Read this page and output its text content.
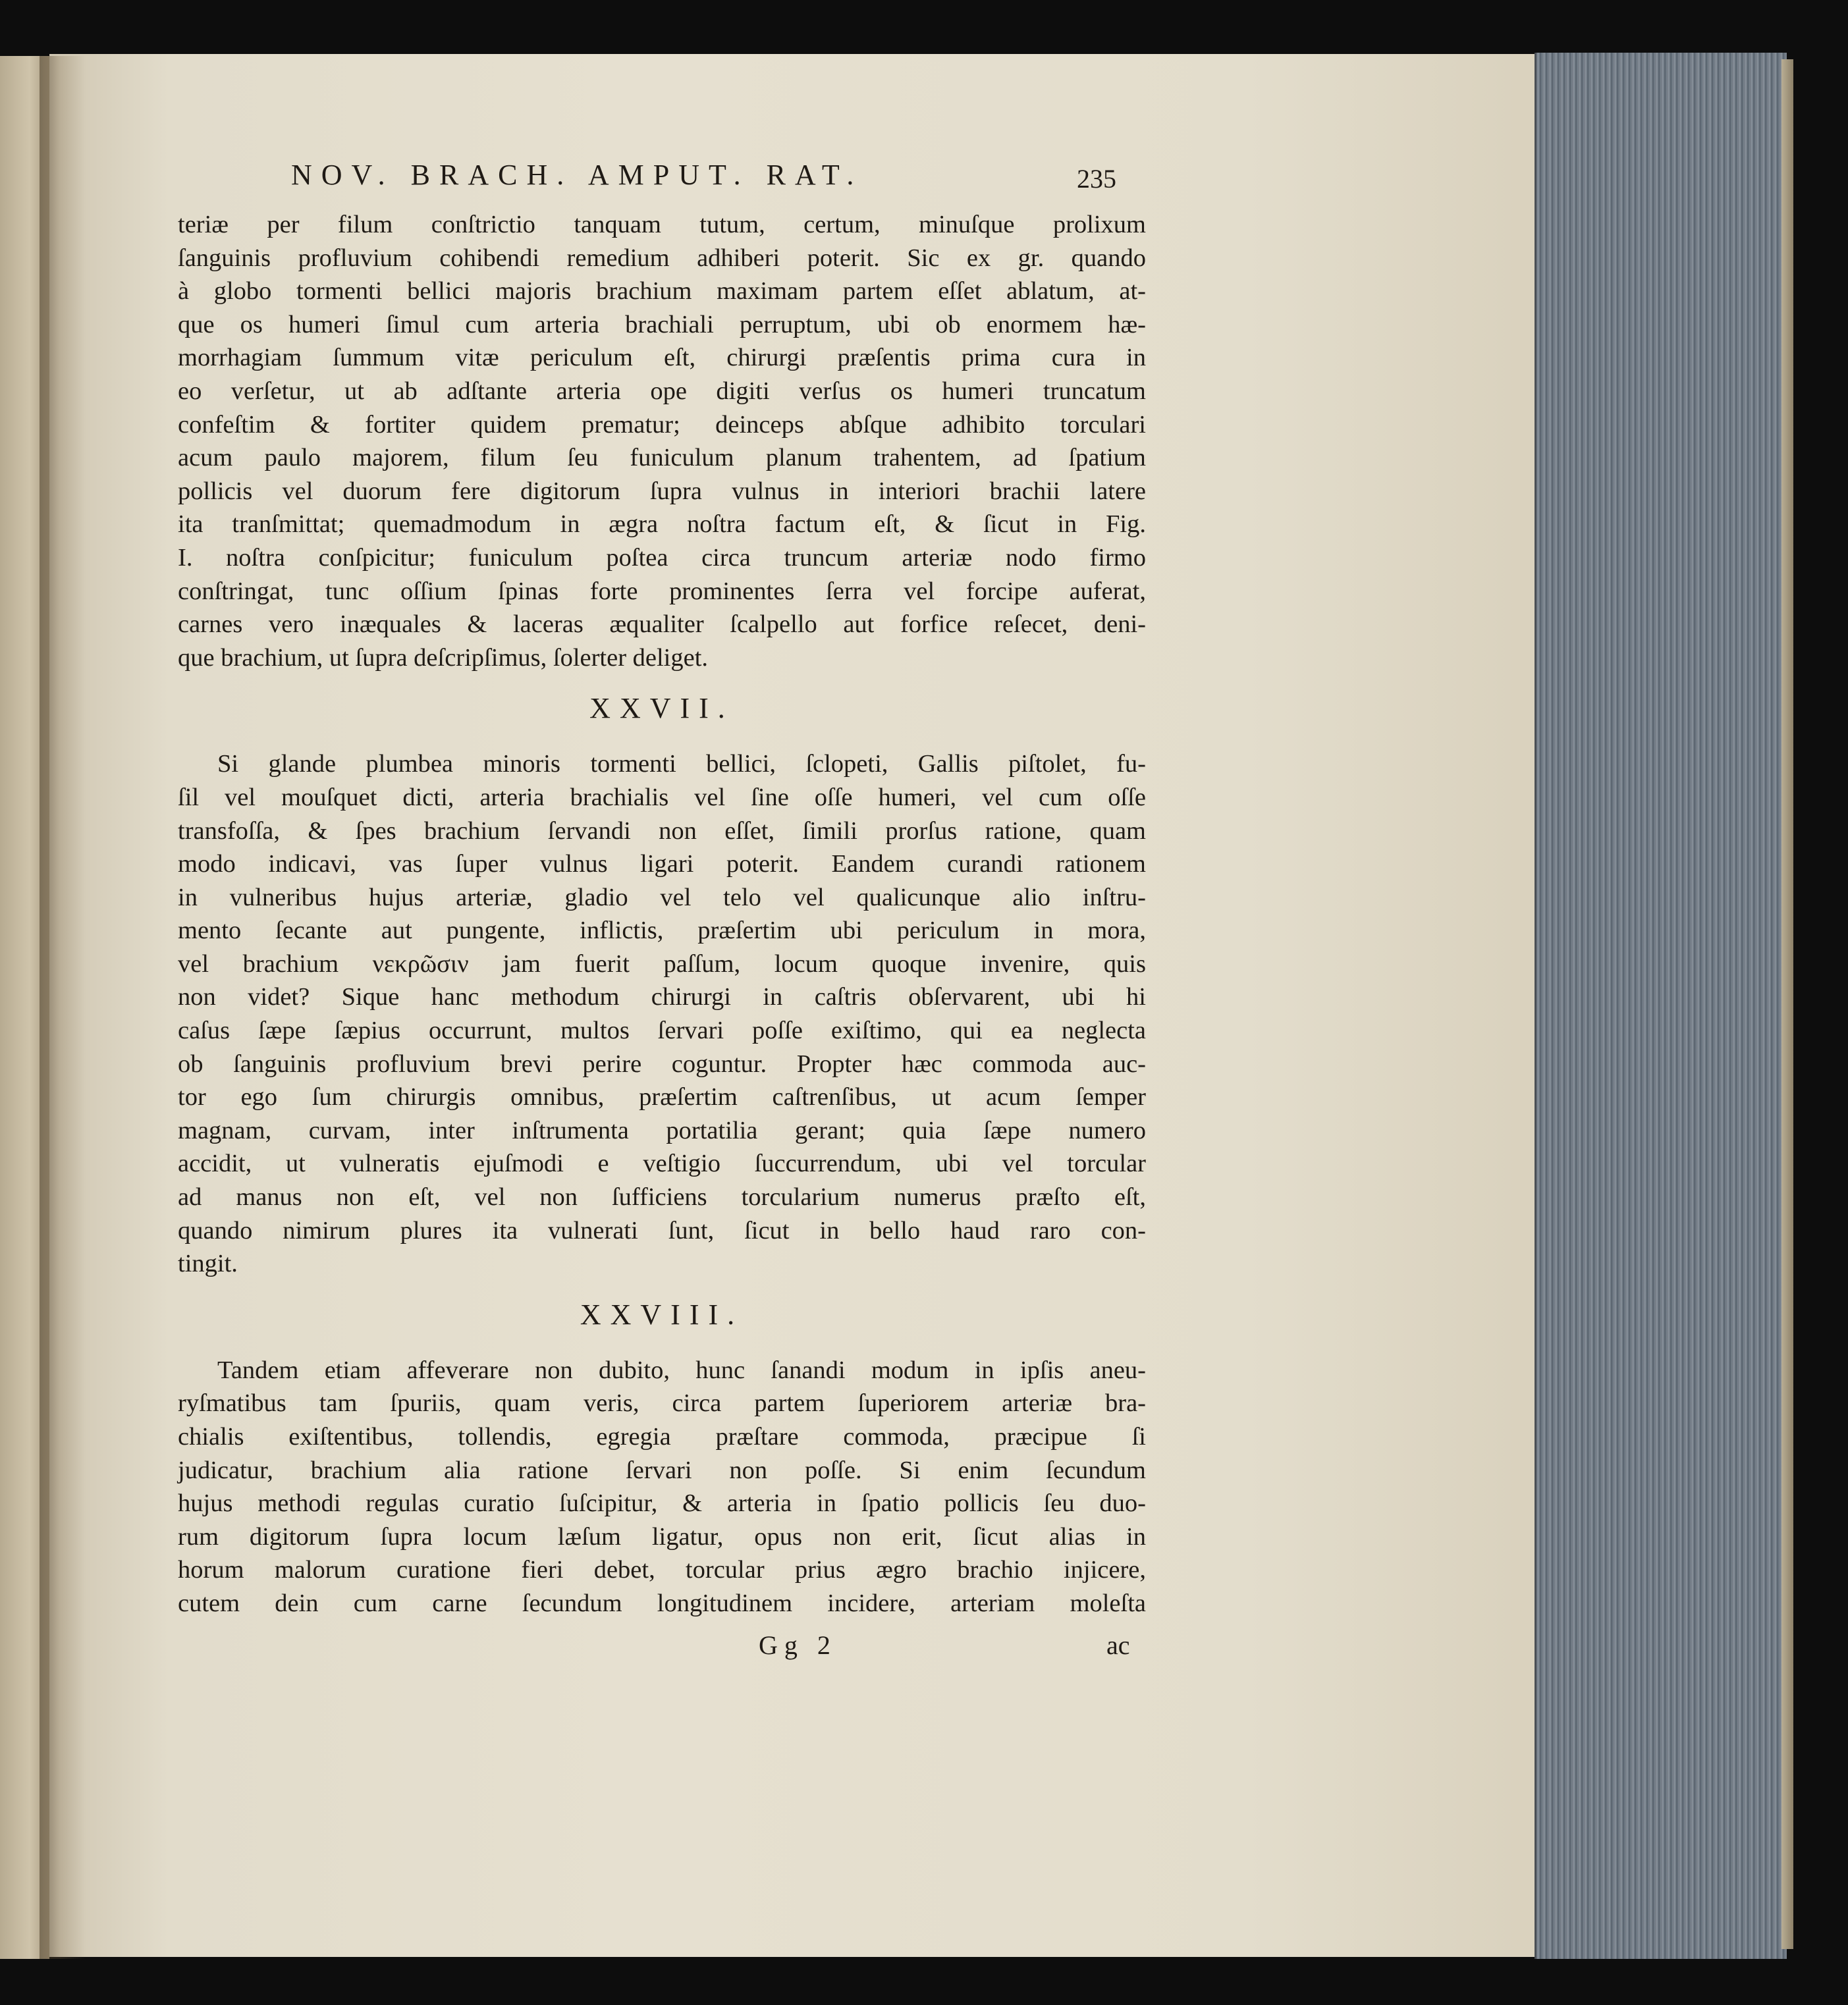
NOV. BRACH. AMPUT. RAT.	235

teriæ per filum conſtrictio tanquam tutum, certum, minuſque prolixum
ſanguinis profluvium cohibendi remedium adhiberi poterit. Sic ex gr. quando
à globo tormenti bellici majoris brachium maximam partem eſſet ablatum, at-
que os humeri ſimul cum arteria brachiali perruptum, ubi ob enormem hæ-
morrhagiam ſummum vitæ periculum eſt, chirurgi præſentis prima cura in
eo verſetur, ut ab adſtante arteria ope digiti verſus os humeri truncatum
confeſtim & fortiter quidem prematur; deinceps abſque adhibito torculari
acum paulo majorem, filum ſeu funiculum planum trahentem, ad ſpatium
pollicis vel duorum fere digitorum ſupra vulnus in interiori brachii latere
ita tranſmittat; quemadmodum in ægra noſtra factum eſt, & ſicut in Fig.
I. noſtra conſpicitur; funiculum poſtea circa truncum arteriæ nodo firmo
conſtringat, tunc oſſium ſpinas forte prominentes ſerra vel forcipe auferat,
carnes vero inæquales & laceras æqualiter ſcalpello aut forfice reſecet, deni-
que brachium, ut ſupra deſcripſimus, ſolerter deliget.

XXVII.

Si glande plumbea minoris tormenti bellici, ſclopeti, Gallis piſtolet, fu-
ſil vel mouſquet dicti, arteria brachialis vel ſine oſſe humeri, vel cum oſſe
transfoſſa, & ſpes brachium ſervandi non eſſet, ſimili prorſus ratione, quam
modo indicavi, vas ſuper vulnus ligari poterit. Eandem curandi rationem
in vulneribus hujus arteriæ, gladio vel telo vel qualicunque alio inſtru-
mento ſecante aut pungente, inflictis, præſertim ubi periculum in mora,
vel brachium νεκρῶσιν jam fuerit paſſum, locum quoque invenire, quis
non videt? Sique hanc methodum chirurgi in caſtris obſervarent, ubi hi
caſus ſæpe ſæpius occurrunt, multos ſervari poſſe exiſtimo, qui ea neglecta
ob ſanguinis profluvium brevi perire coguntur. Propter hæc commoda auc-
tor ego ſum chirurgis omnibus, præſertim caſtrenſibus, ut acum ſemper
magnam, curvam, inter inſtrumenta portatilia gerant; quia ſæpe numero
accidit, ut vulneratis ejuſmodi e veſtigio ſuccurrendum, ubi vel torcular
ad manus non eſt, vel non ſufficiens torcularium numerus præſto eſt,
quando nimirum plures ita vulnerati ſunt, ſicut in bello haud raro con-
tingit.

XXVIII.

Tandem etiam affeverare non dubito, hunc ſanandi modum in ipſis aneu-
ryſmatibus tam ſpuriis, quam veris, circa partem ſuperiorem arteriæ bra-
chialis exiſtentibus, tollendis, egregia præſtare commoda, præcipue ſi
judicatur, brachium alia ratione ſervari non poſſe. Si enim ſecundum
hujus methodi regulas curatio ſuſcipitur, & arteria in ſpatio pollicis ſeu duo-
rum digitorum ſupra locum læſum ligatur, opus non erit, ſicut alias in
horum malorum curatione fieri debet, torcular prius ægro brachio injicere,
cutem dein cum carne ſecundum longitudinem incidere, arteriam moleſta

Gg 2	ac
